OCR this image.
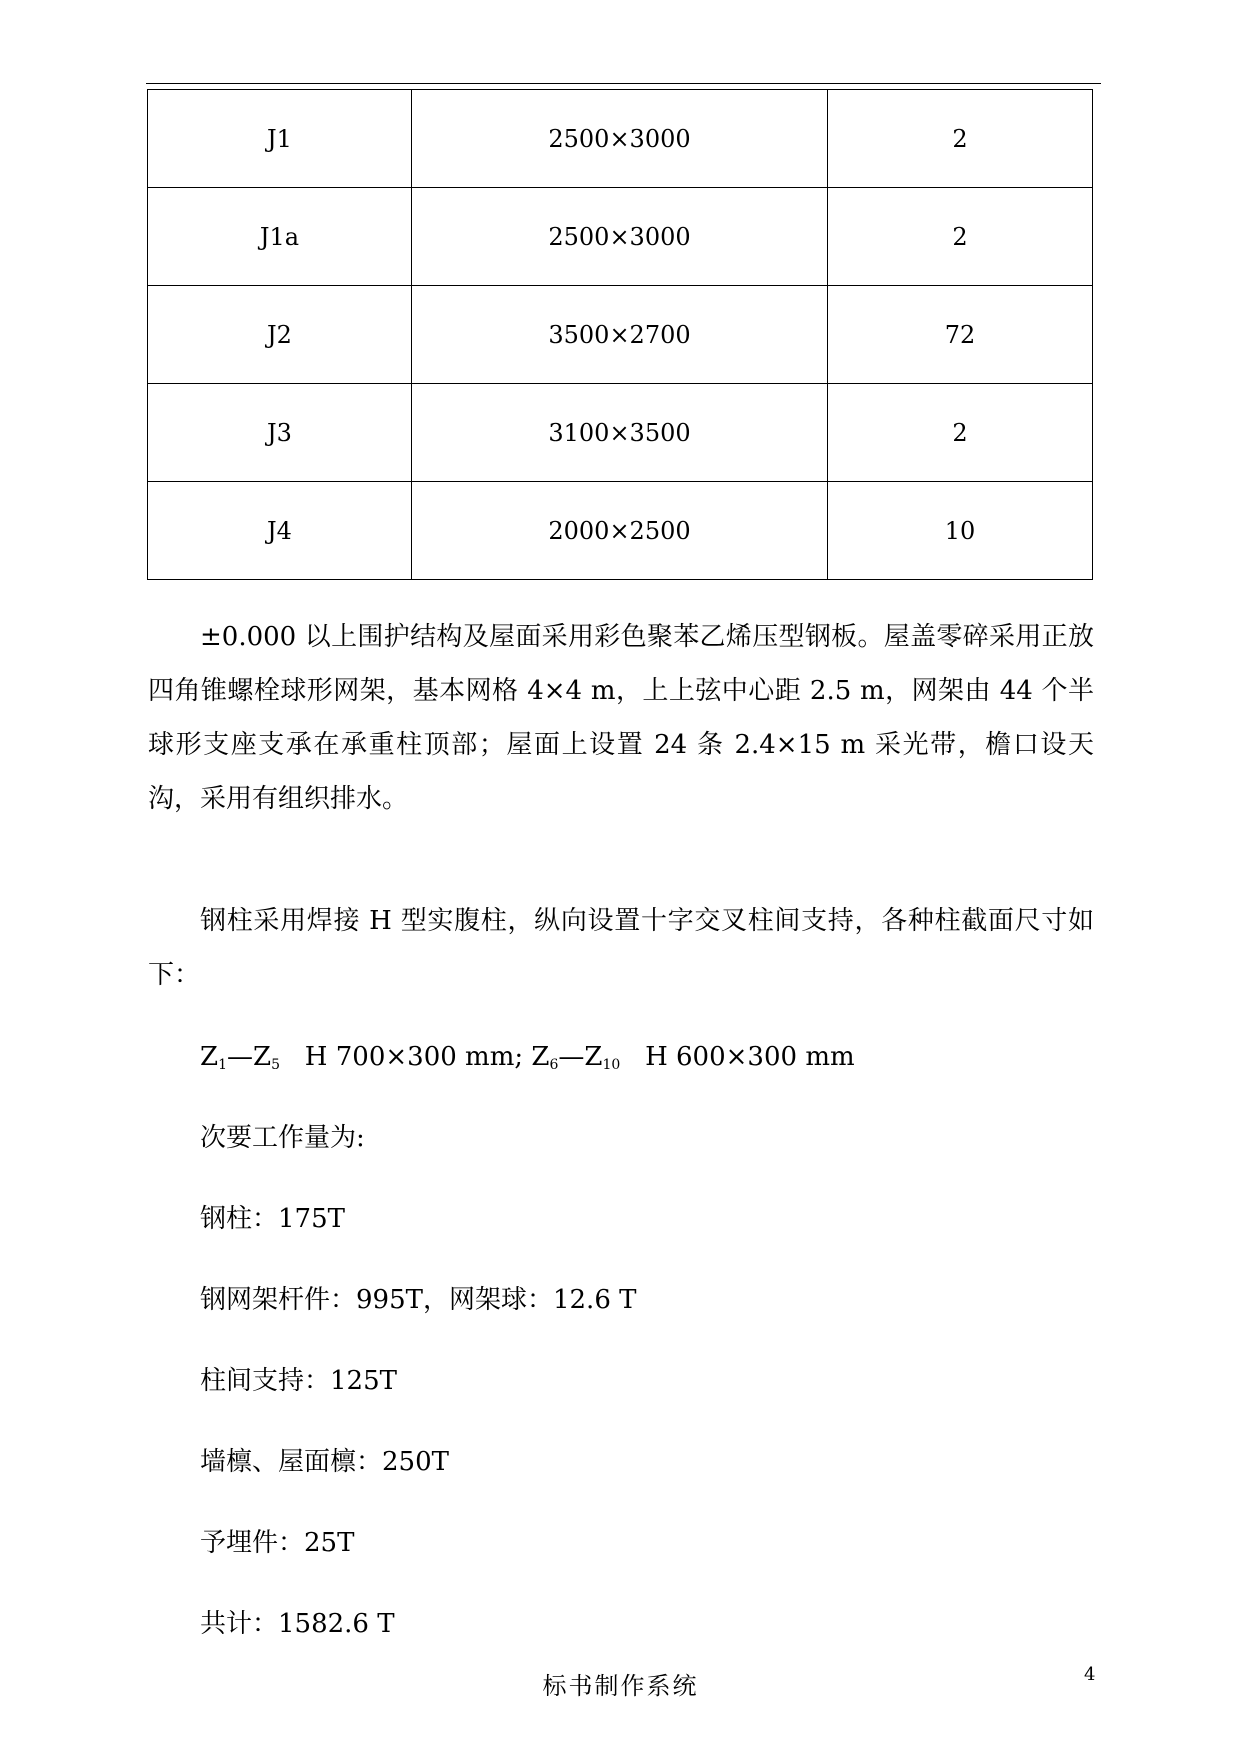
J1	2500×3000	2
J1a	2500×3000	2
J2	3500×2700	72
J3	3100×3500	2
J4	2000×2500	10

±0.000 以上围护结构及屋面采用彩色聚苯乙烯压型钢板。屋盖零碎采用正放四角锥螺栓球形网架，基本网格 4×4 m，上上弦中心距 2.5 m，网架由 44 个半球形支座支承在承重柱顶部；屋面上设置 24 条 2.4×15 m 采光带，檐口设天沟，采用有组织排水。

钢柱采用焊接 H 型实腹柱，纵向设置十字交叉柱间支持，各种柱截面尺寸如下：

$Z_1—Z_5$ H 700×300 mm; $Z_6—Z_{10}$ H 600×300 mm

次要工作量为:

钢柱：175T

钢网架杆件：995T，网架球：12.6 T

柱间支持：125T

墙檩、屋面檩：250T

予埋件：25T

共计：1582.6 T

标书制作系统	4
